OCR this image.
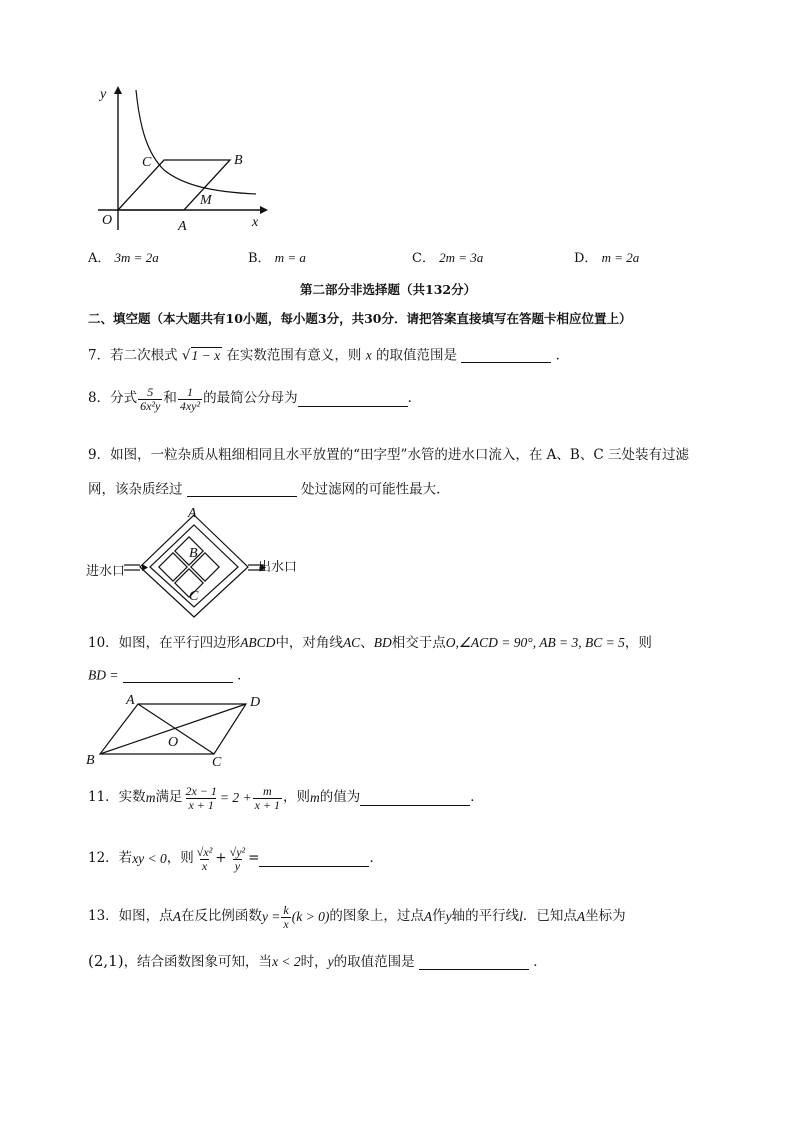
y
x
O	A
B
C
M
A． 3m = 2a	B． m = a	C． 2m = 3a	D． m = 2a
第二部分非选择题（共132分）
二、填空题（本大题共有10小题，每小题3分，共30分．请把答案直接填写在答题卡相应位置上）
7．若二次根式 √1 − x 在实数范围有意义，则 x 的取值范围是	．
8．分式 $\frac{5}{\text{6x²y}}$ 和 $\frac{1}{\text{4xy²}}$ 的最简公分母为	．
9．如图，一粒杂质从粗细相同且水平放置的“田字型”水管的进水口流入，在 A、B、C 三处装有过滤
网，该杂质经过	处过滤网的可能性最大．
A
B
C
进水口	出水口
10．如图，在平行四边形ABCD中，对角线AC、BD相交于点O,∠ACD = 90°, AB = 3, BC = 5，则
BD =	．
A	D
B	C
O
11．实数 m 满足 $\frac{2x - 1}{x + 1} = 2 + \frac{m}{x + 1}$ ，则 m 的值为	．
12．若 xy < 0 ，则 $\frac{\text{√x²}}{x} + \frac{\text{√y²}}{y}$ =	．
13．如图，点 A 在反比例函数 $y = \frac{k}{x} (k > 0)$ 的图象上，过点 A 作 y 轴的平行线 l ．已知点 A 坐标为
(2,1)，结合函数图象可知，当x < 2时，y的取值范围是	．
